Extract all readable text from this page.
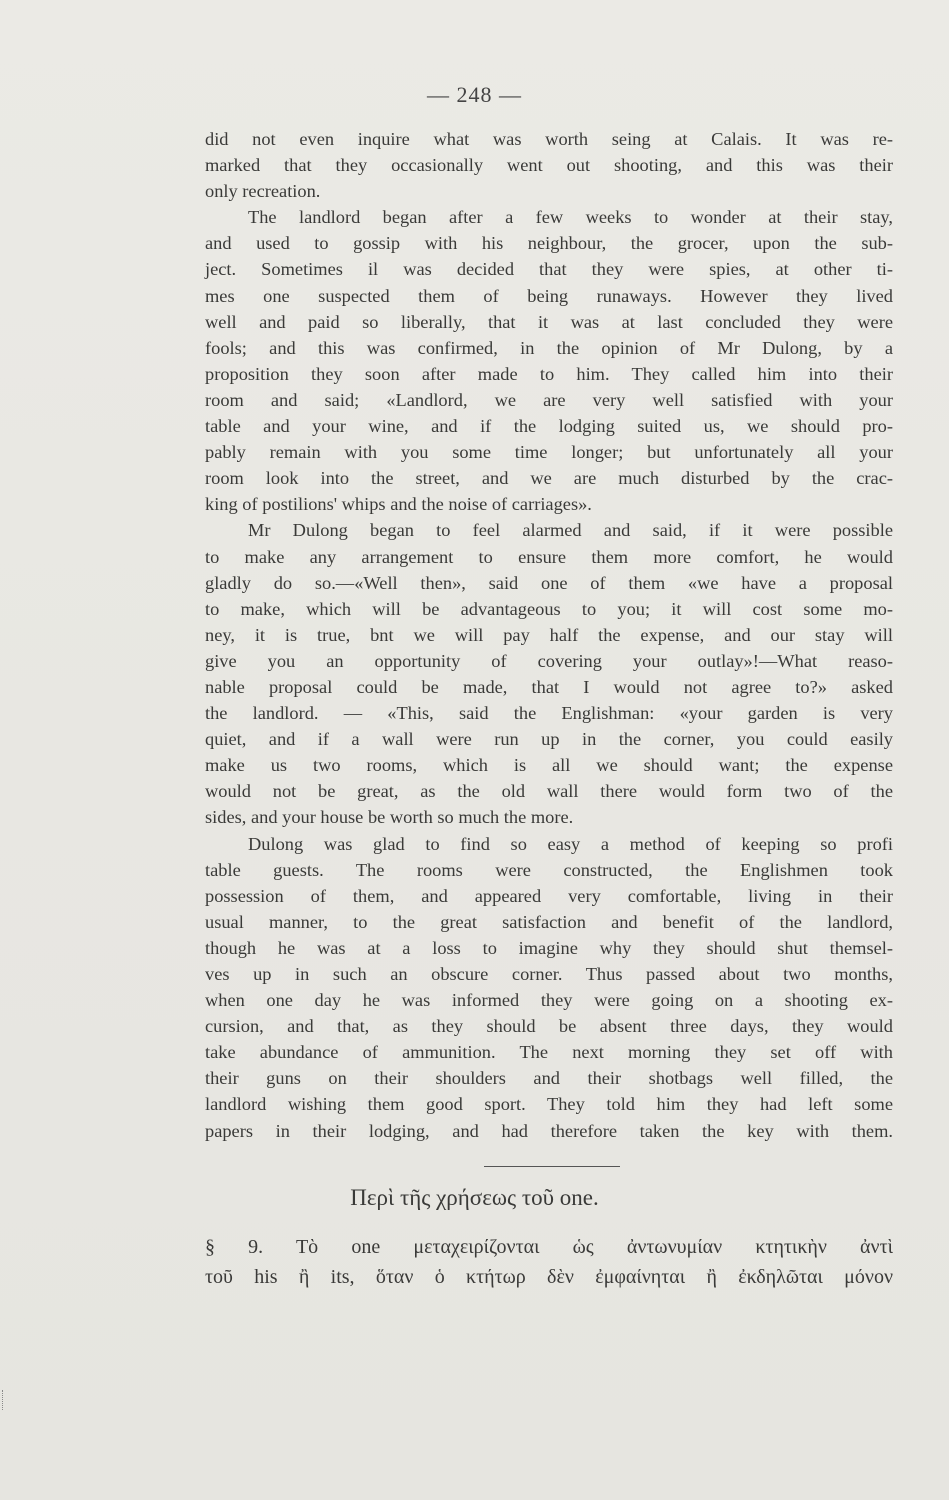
— 248 —

did not even inquire what was worth seing at Calais. It was re-
marked that they occasionally went out shooting, and this was their
only recreation.

The landlord began after a few weeks to wonder at their stay,
and used to gossip with his neighbour, the grocer, upon the sub-
ject. Sometimes il was decided that they were spies, at other ti-
mes one suspected them of being runaways. However they lived
well and paid so liberally, that it was at last concluded they were
fools; and this was confirmed, in the opinion of Mr Dulong, by a
proposition they soon after made to him. They called him into their
room and said; «Landlord, we are very well satisfied with your
table and your wine, and if the lodging suited us, we should pro-
pably remain with you some time longer; but unfortunately all your
room look into the street, and we are much disturbed by the crac-
king of postilions' whips and the noise of carriages».

Mr Dulong began to feel alarmed and said, if it were possible
to make any arrangement to ensure them more comfort, he would
gladly do so.—«Well then», said one of them «we have a proposal
to make, which will be advantageous to you; it will cost some mo-
ney, it is true, bnt we will pay half the expense, and our stay will
give you an opportunity of covering your outlay»!—What reaso-
nable proposal could be made, that I would not agree to?» asked
the landlord. — «This, said the Englishman: «your garden is very
quiet, and if a wall were run up in the corner, you could easily
make us two rooms, which is all we should want; the expense
would not be great, as the old wall there would form two of the
sides, and your house be worth so much the more.

Dulong was glad to find so easy a method of keeping so profi
table guests. The rooms were constructed, the Englishmen took
possession of them, and appeared very comfortable, living in their
usual manner, to the great satisfaction and benefit of the landlord,
though he was at a loss to imagine why they should shut themsel-
ves up in such an obscure corner. Thus passed about two months,
when one day he was informed they were going on a shooting ex-
cursion, and that, as they should be absent three days, they would
take abundance of ammunition. The next morning they set off with
their guns on their shoulders and their shotbags well filled, the
landlord wishing them good sport. They told him they had left some
papers in their lodging, and had therefore taken the key with them.

Περὶ τῆς χρήσεως τοῦ one.
§ 9. Τὸ one μεταχειρίζονται ὡς ἀντωνυμίαν κτητικὴν ἀντὶ
τοῦ his ἢ its, ὅταν ὁ κτήτωρ δὲν ἐμφαίνηται ἢ ἐκδηλῶται μόνον
